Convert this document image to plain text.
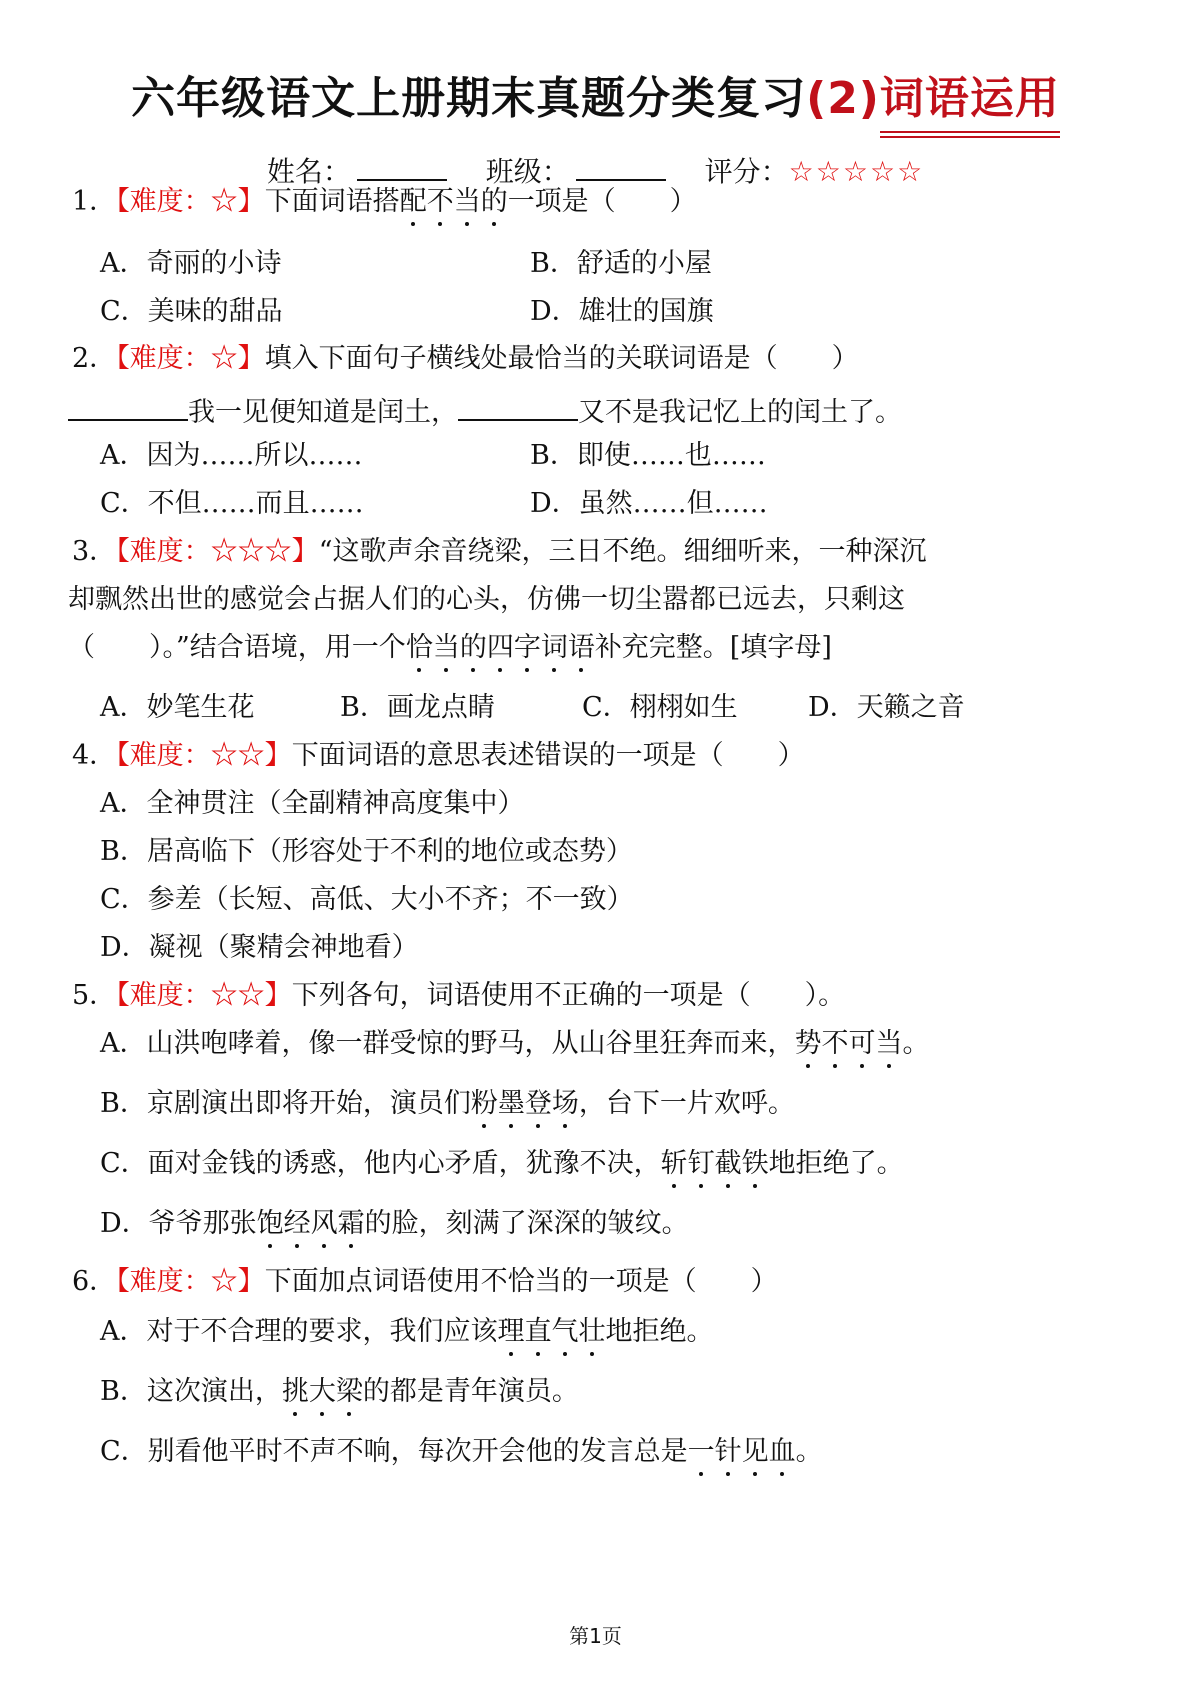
六年级语文上册期末真题分类复习(2)词语运用
姓名：	班级：	评分：☆☆☆☆☆
1．【难度：☆】下面词语搭配不当的一项是（　　）
A．奇丽的小诗	B．舒适的小屋
C．美味的甜品	D．雄壮的国旗
2．【难度：☆】填入下面句子横线处最恰当的关联词语是（　　）
我一见便知道是闰土，	又不是我记忆上的闰土了。
A．因为……所以……	B．即使……也……
C．不但……而且……	D．虽然……但……
3．【难度：☆☆☆】“这歌声余音绕梁，三日不绝。细细听来，一种深沉
却飘然出世的感觉会占据人们的心头，仿佛一切尘嚣都已远去，只剩这
（　　）。”结合语境，用一个恰当的四字词语补充完整。[填字母]
A．妙笔生花	B．画龙点睛	C．栩栩如生	D．天籁之音
4．【难度：☆☆】下面词语的意思表述错误的一项是（　　）
A．全神贯注（全副精神高度集中）
B．居高临下（形容处于不利的地位或态势）
C．参差（长短、高低、大小不齐；不一致）
D．凝视（聚精会神地看）
5．【难度：☆☆】下列各句，词语使用不正确的一项是（　　）。
A．山洪咆哮着，像一群受惊的野马，从山谷里狂奔而来，势不可当。
B．京剧演出即将开始，演员们粉墨登场，台下一片欢呼。
C．面对金钱的诱惑，他内心矛盾，犹豫不决，斩钉截铁地拒绝了。
D．爷爷那张饱经风霜的脸，刻满了深深的皱纹。
6．【难度：☆】下面加点词语使用不恰当的一项是（　　）
A．对于不合理的要求，我们应该理直气壮地拒绝。
B．这次演出，挑大梁的都是青年演员。
C．别看他平时不声不响，每次开会他的发言总是一针见血。
第1页
